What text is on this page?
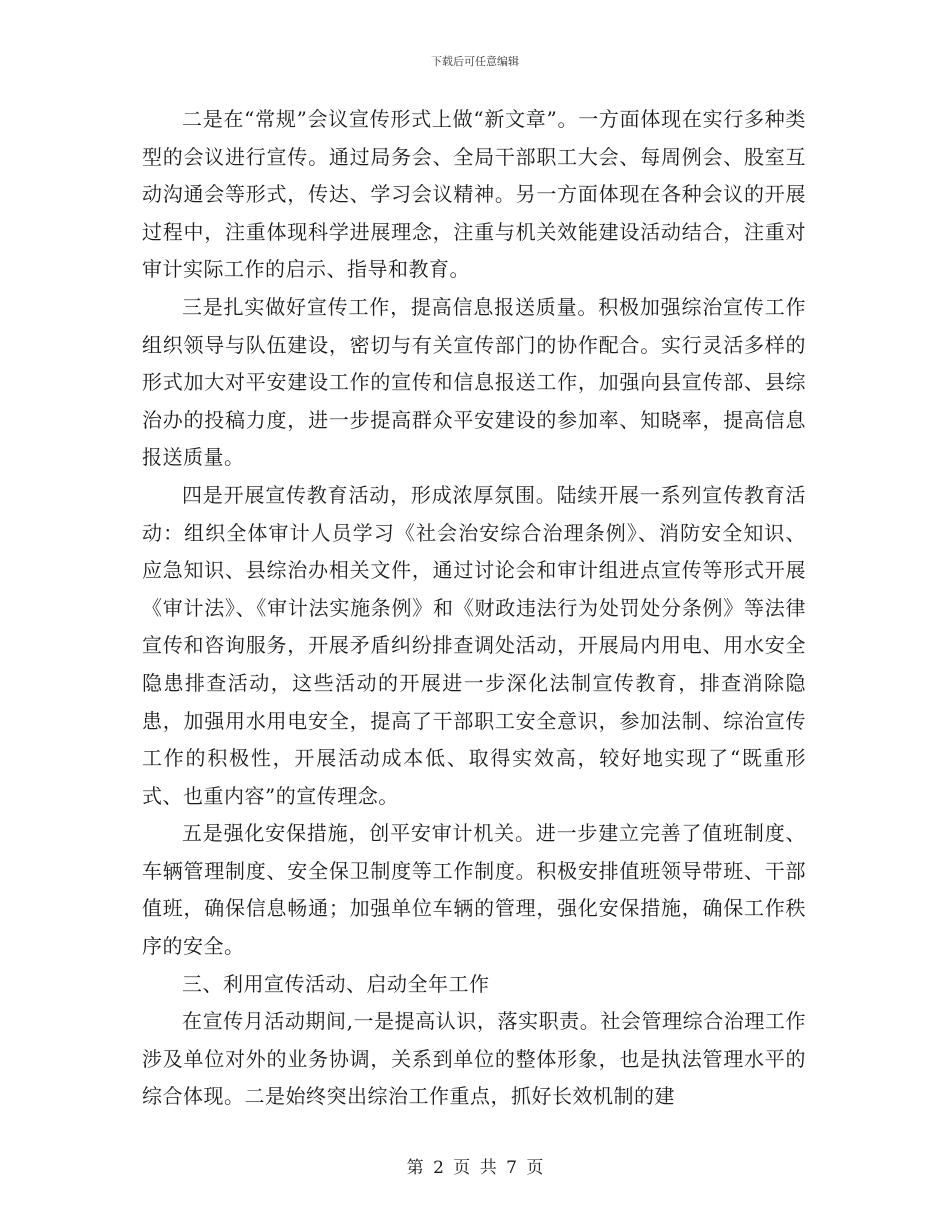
下载后可任意编辑

二是在“常规”会议宣传形式上做“新文章”。一方面体现在实行多种类型的会议进行宣传。通过局务会、全局干部职工大会、每周例会、股室互动沟通会等形式，传达、学习会议精神。另一方面体现在各种会议的开展过程中，注重体现科学进展理念，注重与机关效能建设活动结合，注重对审计实际工作的启示、指导和教育。

三是扎实做好宣传工作，提高信息报送质量。积极加强综治宣传工作组织领导与队伍建设，密切与有关宣传部门的协作配合。实行灵活多样的形式加大对平安建设工作的宣传和信息报送工作，加强向县宣传部、县综治办的投稿力度，进一步提高群众平安建设的参加率、知晓率，提高信息报送质量。

四是开展宣传教育活动，形成浓厚氛围。陆续开展一系列宣传教育活动：组织全体审计人员学习《社会治安综合治理条例》、消防安全知识、应急知识、县综治办相关文件，通过讨论会和审计组进点宣传等形式开展《审计法》、《审计法实施条例》和《财政违法行为处罚处分条例》等法律宣传和咨询服务，开展矛盾纠纷排查调处活动，开展局内用电、用水安全隐患排查活动，这些活动的开展进一步深化法制宣传教育，排查消除隐患，加强用水用电安全，提高了干部职工安全意识，参加法制、综治宣传工作的积极性，开展活动成本低、取得实效高，较好地实现了“既重形式、也重内容”的宣传理念。

五是强化安保措施，创平安审计机关。进一步建立完善了值班制度、车辆管理制度、安全保卫制度等工作制度。积极安排值班领导带班、干部值班，确保信息畅通；加强单位车辆的管理，强化安保措施，确保工作秩序的安全。

三、利用宣传活动、启动全年工作

在宣传月活动期间,一是提高认识，落实职责。社会管理综合治理工作涉及单位对外的业务协调，关系到单位的整体形象，也是执法管理水平的综合体现。二是始终突出综治工作重点，抓好长效机制的建

第 2 页 共 7 页
